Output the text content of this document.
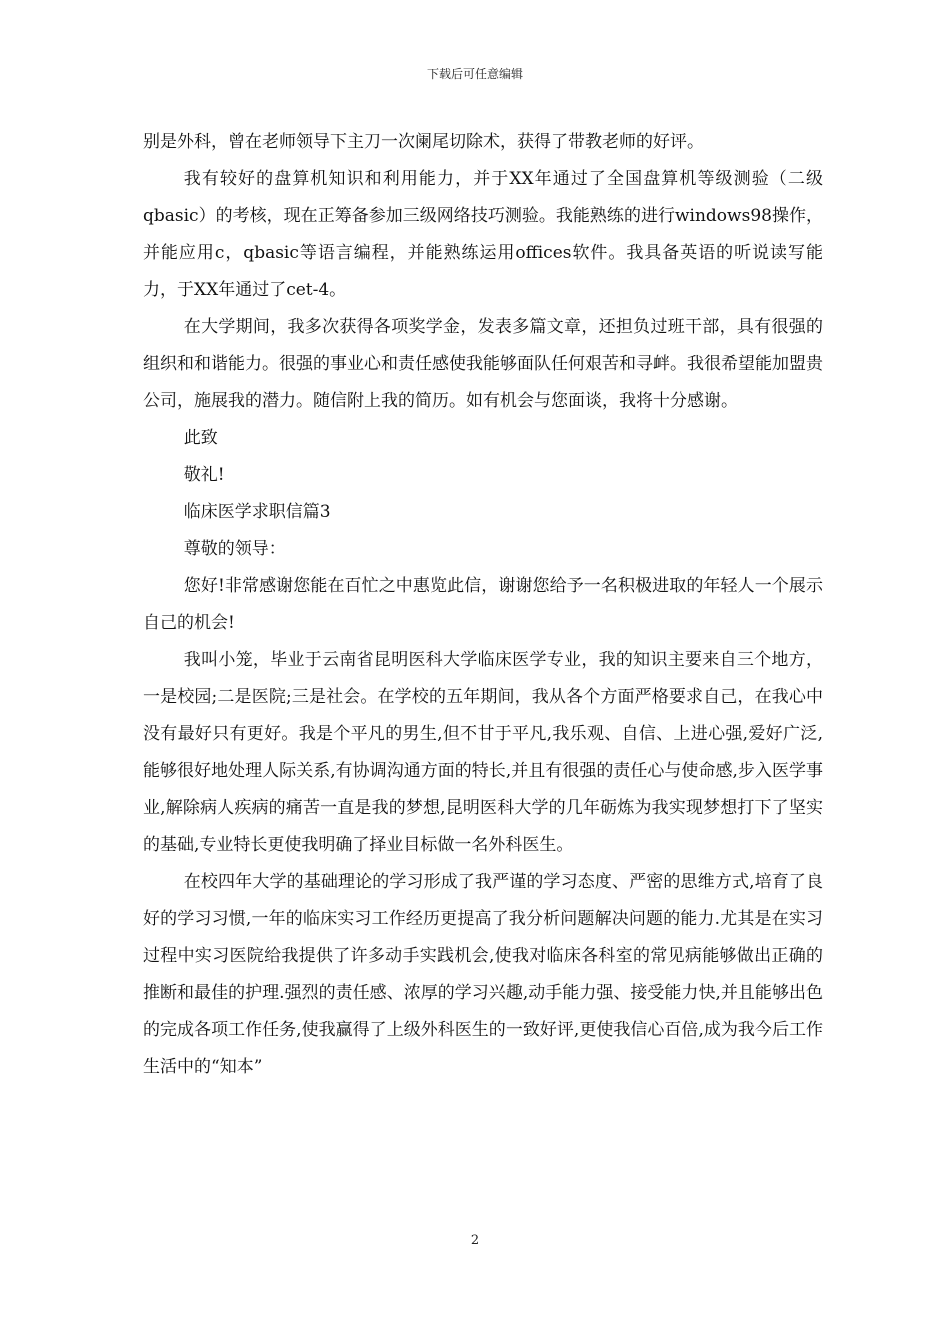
下载后可任意编辑

别是外科，曾在老师领导下主刀一次阑尾切除术，获得了带教老师的好评。

我有较好的盘算机知识和利用能力，并于XX年通过了全国盘算机等级测验（二级qbasic）的考核，现在正筹备参加三级网络技巧测验。我能熟练的进行windows98操作，并能应用c，qbasic等语言编程，并能熟练运用offices软件。我具备英语的听说读写能力，于XX年通过了cet-4。

在大学期间，我多次获得各项奖学金，发表多篇文章，还担负过班干部，具有很强的组织和和谐能力。很强的事业心和责任感使我能够面队任何艰苦和寻衅。我很希望能加盟贵公司，施展我的潜力。随信附上我的简历。如有机会与您面谈，我将十分感谢。

此致

敬礼!

临床医学求职信篇3

尊敬的领导：

您好!非常感谢您能在百忙之中惠览此信，谢谢您给予一名积极进取的年轻人一个展示自己的机会!

我叫小笼，毕业于云南省昆明医科大学临床医学专业，我的知识主要来自三个地方，一是校园;二是医院;三是社会。在学校的五年期间，我从各个方面严格要求自己，在我心中没有最好只有更好。我是个平凡的男生,但不甘于平凡,我乐观、自信、上进心强,爱好广泛,能够很好地处理人际关系,有协调沟通方面的特长,并且有很强的责任心与使命感,步入医学事业,解除病人疾病的痛苦一直是我的梦想,昆明医科大学的几年砺炼为我实现梦想打下了坚实的基础,专业特长更使我明确了择业目标做一名外科医生。

在校四年大学的基础理论的学习形成了我严谨的学习态度、严密的思维方式,培育了良好的学习习惯,一年的临床实习工作经历更提高了我分析问题解决问题的能力.尤其是在实习过程中实习医院给我提供了许多动手实践机会,使我对临床各科室的常见病能够做出正确的推断和最佳的护理.强烈的责任感、浓厚的学习兴趣,动手能力强、接受能力快,并且能够出色的完成各项工作任务,使我赢得了上级外科医生的一致好评,更使我信心百倍,成为我今后工作生活中的“知本”

2
